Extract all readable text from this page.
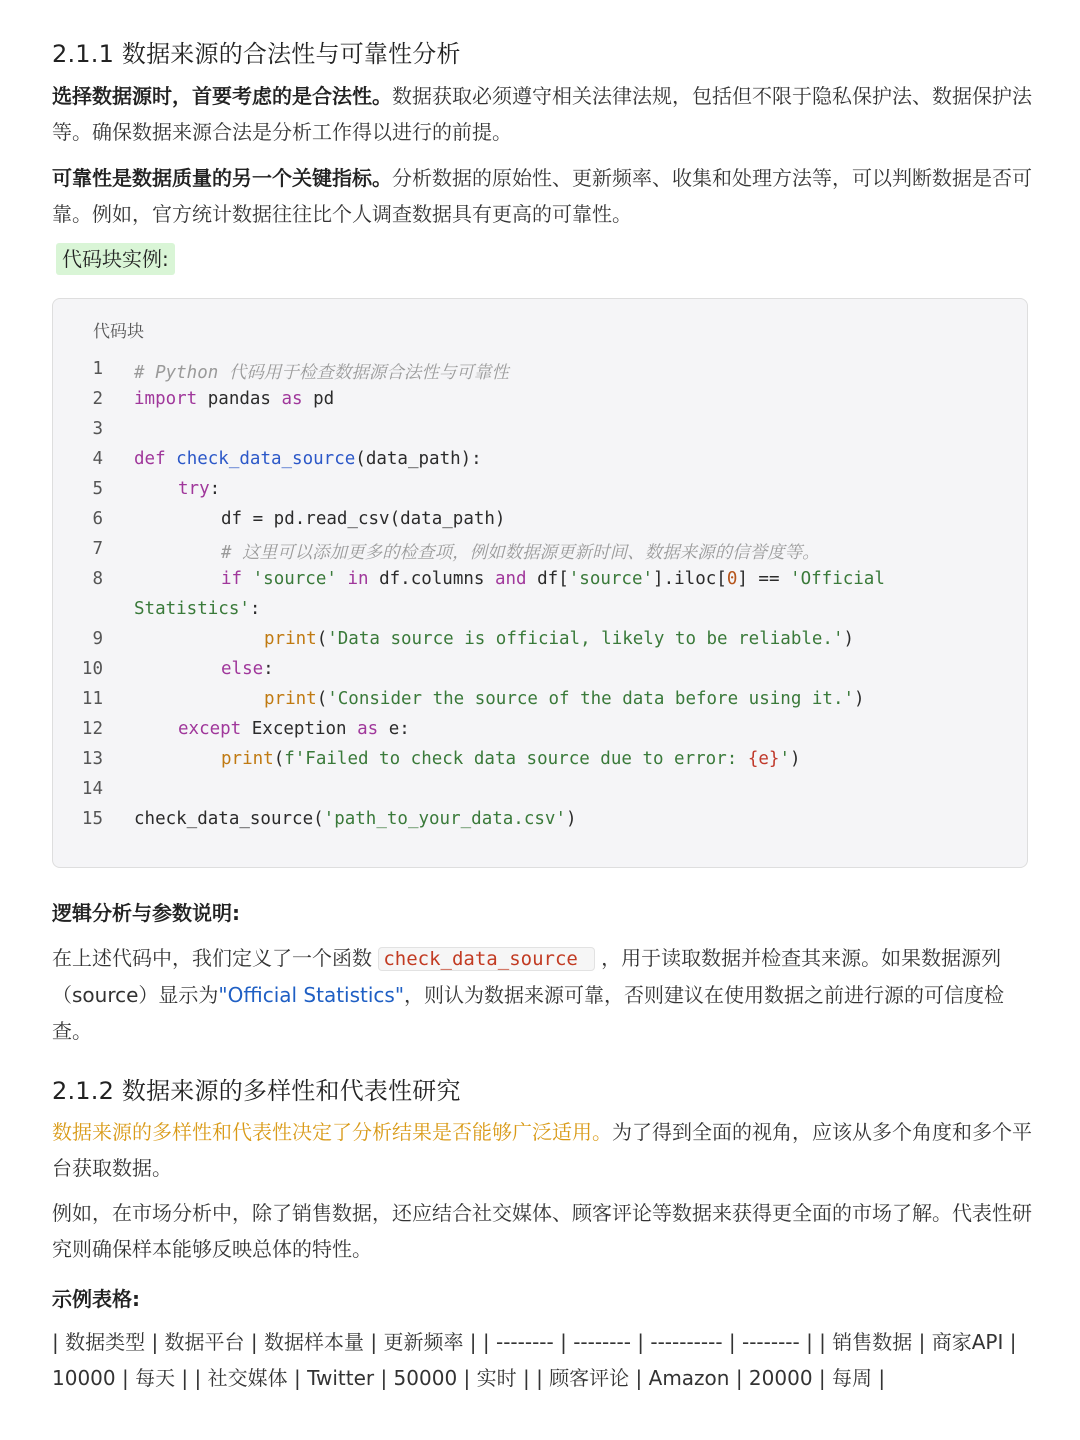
2.1.1 数据来源的合法性与可靠性分析

选择数据源时，首要考虑的是合法性。数据获取必须遵守相关法律法规，包括但不限于隐私保护法、数据保护法等。确保数据来源合法是分析工作得以进行的前提。

可靠性是数据质量的另一个关键指标。分析数据的原始性、更新频率、收集和处理方法等，可以判断数据是否可靠。例如，官方统计数据往往比个人调查数据具有更高的可靠性。

代码块实例:
代码块
1
2
3
4
5
6
7
8
9
10
11
12
13
14
15
# Python 代码用于检查数据源合法性与可靠性
import pandas as pd
def check_data_source(data_path):
try:
df = pd.read_csv(data_path)
# 这里可以添加更多的检查项，例如数据源更新时间、数据来源的信誉度等。
if 'source' in df.columns and df['source'].iloc[0] == 'Official
Statistics':
print('Data source is official, likely to be reliable.')
else:
print('Consider the source of the data before using it.')
except Exception as e:
print(f'Failed to check data source due to error: {e}')
check_data_source('path_to_your_data.csv')

逻辑分析与参数说明:

在上述代码中，我们定义了一个函数 check_data_source ，用于读取数据并检查其来源。如果数据源列（source）显示为"Official Statistics"，则认为数据来源可靠，否则建议在使用数据之前进行源的可信度检查。

2.1.2 数据来源的多样性和代表性研究

数据来源的多样性和代表性决定了分析结果是否能够广泛适用。为了得到全面的视角，应该从多个角度和多个平台获取数据。

例如，在市场分析中，除了销售数据，还应结合社交媒体、顾客评论等数据来获得更全面的市场了解。代表性研究则确保样本能够反映总体的特性。

示例表格:

| 数据类型 | 数据平台 | 数据样本量 | 更新频率 | | -------- | -------- | ---------- | -------- | | 销售数据 | 商家API | 10000 | 每天 | | 社交媒体 | Twitter | 50000 | 实时 | | 顾客评论 | Amazon | 20000 | 每周 |
